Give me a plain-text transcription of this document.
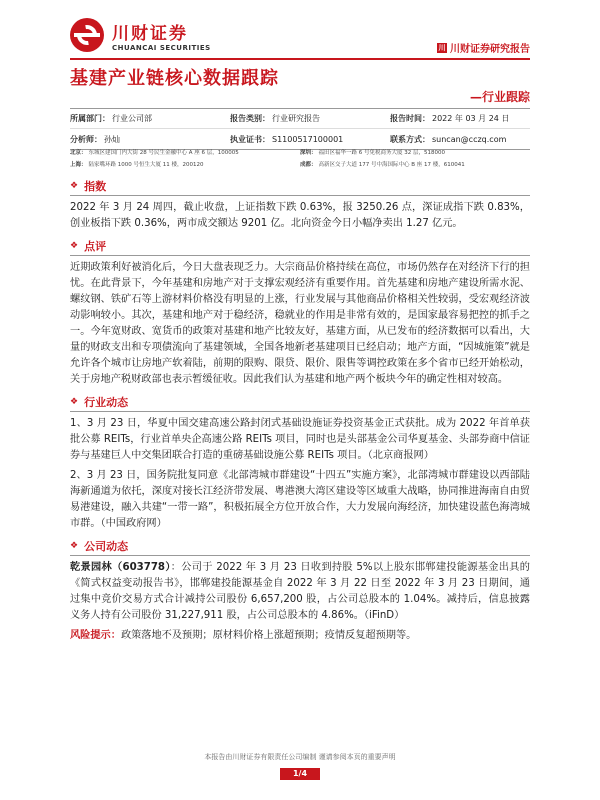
川财证券
CHUANCAI SECURITIES	川 川财证券研究报告
基建产业链核心数据跟踪
—行业跟踪
所属部门： 行业公司部	报告类别： 行业研究报告	报告时间： 2022 年 03 月 24 日
分析师： 孙灿	执业证书： S1100517100001	联系方式： suncan@cczq.com
北京： 东城区建国门内大街 28 号民生金融中心 A 座 6 层，100005	深圳： 福田区福华一路 6 号免税商务大厦 32 层，518000
上海： 陆家嘴环路 1000 号恒生大厦 11 楼，200120	成都： 高新区交子大道 177 号中海国际中心 B 座 17 楼，610041
❖ 指数

2022 年 3 月 24 周四，截止收盘，上证指数下跌 0.63%，报 3250.26 点，深证成指下跌 0.83%，创业板指下跌 0.36%，两市成交额达 9201 亿。北向资金今日小幅净卖出 1.27 亿元。

❖ 点评

近期政策利好被消化后，今日大盘表现乏力。大宗商品价格持续在高位，市场仍然存在对经济下行的担忧。在此背景下，今年基建和房地产对于支撑宏观经济有重要作用。首先基建和房地产建设所需水泥、螺纹钢、铁矿石等上游材料价格没有明显的上涨，行业发展与其他商品价格相关性较弱，受宏观经济波动影响较小。其次，基建和地产对于稳经济，稳就业的作用是非常有效的，是国家最容易把控的抓手之一。今年宽财政、宽货币的政策对基建和地产比较友好，基建方面，从已发布的经济数据可以看出，大量的财政支出和专项债流向了基建领域，全国各地新老基建项目已经启动；地产方面，“因城施策”就是允许各个城市让房地产软着陆，前期的限购、限贷、限价、限售等调控政策在多个省市已经开始松动，关于房地产税财政部也表示暂缓征收。因此我们认为基建和地产两个板块今年的确定性相对较高。

❖ 行业动态

1、3 月 23 日，华夏中国交建高速公路封闭式基础设施证券投资基金正式获批。成为 2022 年首单获批公募 REITs，行业首单央企高速公路 REITs 项目，同时也是头部基金公司华夏基金、头部券商中信证券与基建巨人中交集团联合打造的重磅基础设施公募 REITs 项目。（北京商报网）

2、3 月 23 日，国务院批复同意《北部湾城市群建设“十四五”实施方案》，北部湾城市群建设以西部陆海新通道为依托，深度对接长江经济带发展、粤港澳大湾区建设等区域重大战略，协同推进海南自由贸易港建设，融入共建“一带一路”，积极拓展全方位开放合作，大力发展向海经济，加快建设蓝色海湾城市群。（中国政府网）

❖ 公司动态

乾景园林（603778）：公司于 2022 年 3 月 23 日收到持股 5%以上股东邯郸建投能源基金出具的《简式权益变动报告书》，邯郸建投能源基金自 2022 年 3 月 22 日至 2022 年 3 月 23 日期间，通过集中竞价交易方式合计减持公司股份 6,657,200 股，占公司总股本的 1.04%。减持后，信息披露义务人持有公司股份 31,227,911 股，占公司总股本的 4.86%。（iFinD）

风险提示：政策落地不及预期；原材料价格上涨超预期；疫情反复超预期等。
本报告由川财证券有限责任公司编制 谨请参阅本页的重要声明
1/4
